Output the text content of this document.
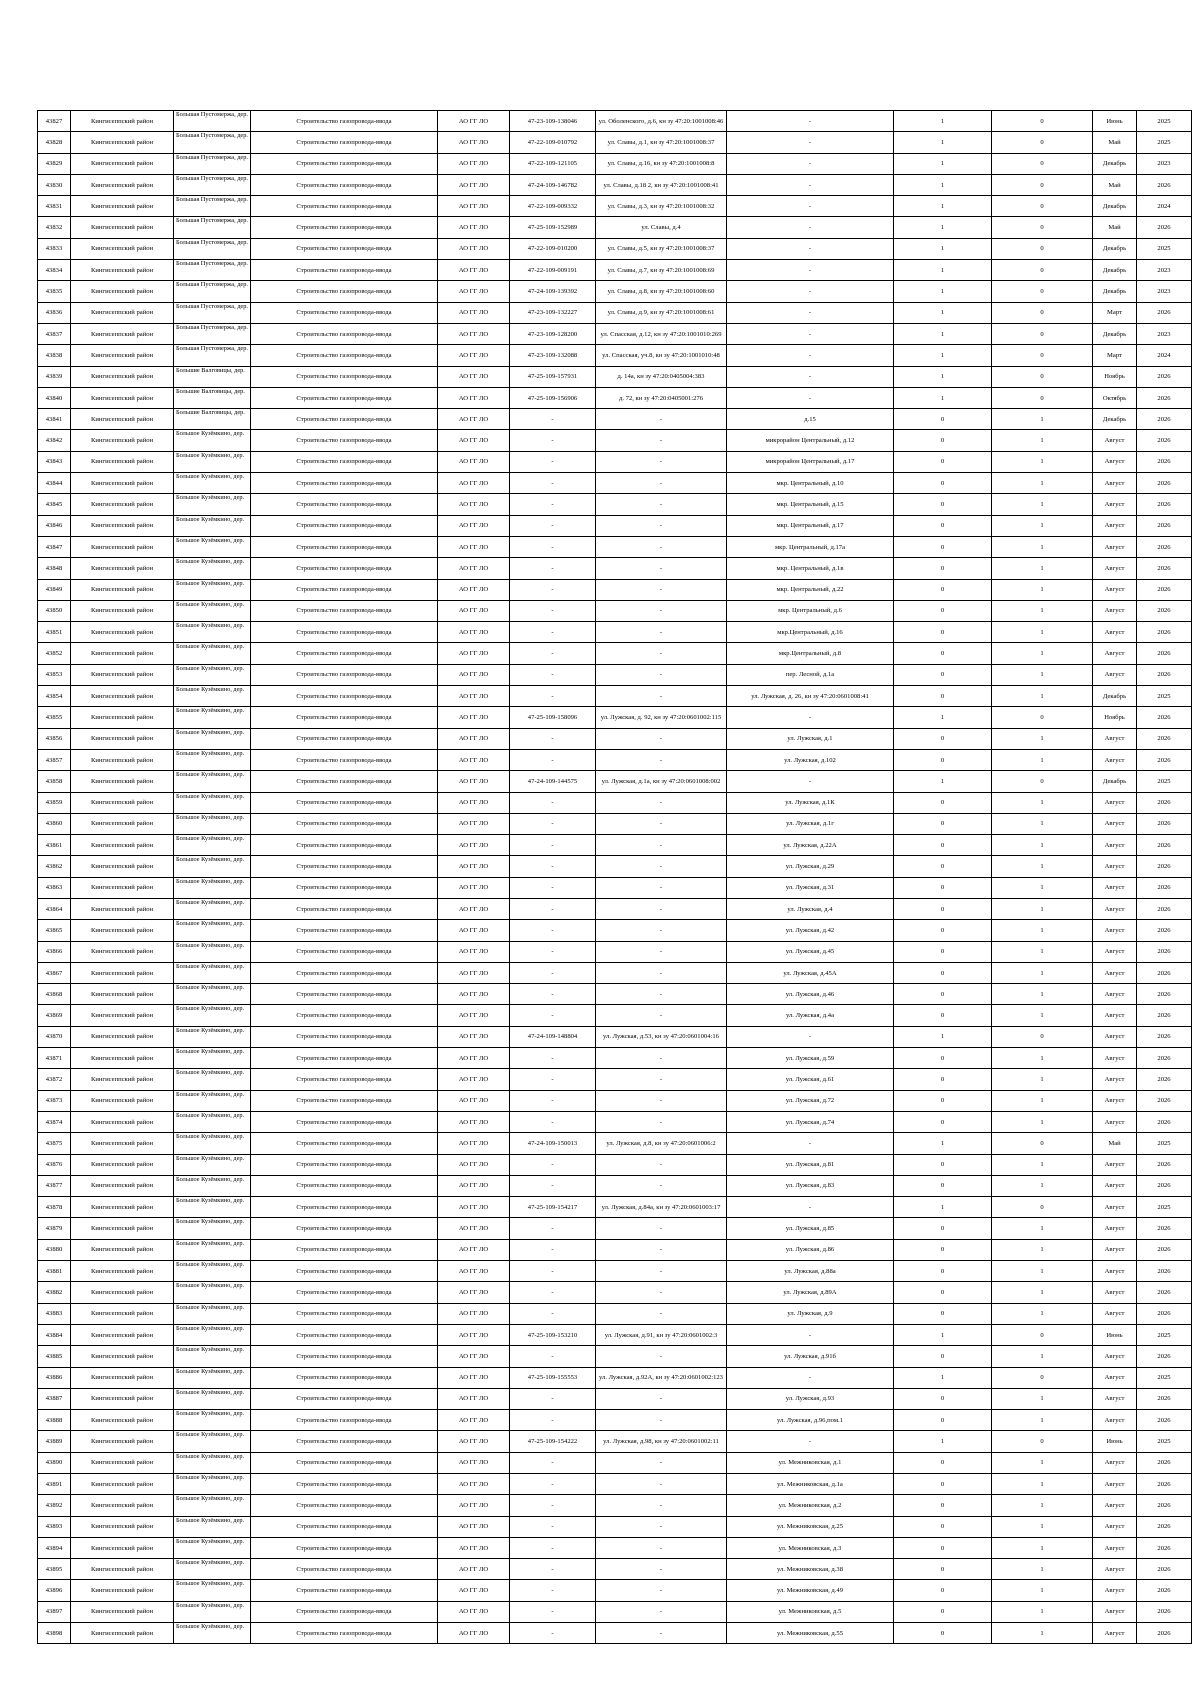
43827	Кингисеппский район	Большая Пустомержа, дер.	Строительство газопровода-ввода	АО ГГ ЛО	47-23-109-138046	ул. Оболенского, д.6, кн зу 47:20:1001008:46	-	1	0	Июнь	2025
43828	Кингисеппский район	Большая Пустомержа, дер.	Строительство газопровода-ввода	АО ГГ ЛО	47-22-109-010792	ул. Славы, д.1, кн зу 47:20:1001008:37	-	1	0	Май	2025
43829	Кингисеппский район	Большая Пустомержа, дер.	Строительство газопровода-ввода	АО ГГ ЛО	47-22-109-121105	ул. Славы, д.16, кн зу 47:20:1001008:8	-	1	0	Декабрь	2023
43830	Кингисеппский район	Большая Пустомержа, дер.	Строительство газопровода-ввода	АО ГГ ЛО	47-24-109-146782	ул. Славы, д.18 2, кн зу 47:20:1001008:41	-	1	0	Май	2026
43831	Кингисеппский район	Большая Пустомержа, дер.	Строительство газопровода-ввода	АО ГГ ЛО	47-22-109-009332	ул. Славы, д.3, кн зу 47:20:1001008:32	-	1	0	Декабрь	2024
43832	Кингисеппский район	Большая Пустомержа, дер.	Строительство газопровода-ввода	АО ГГ ЛО	47-25-109-152989	ул. Славы, д.4	-	1	0	Май	2026
43833	Кингисеппский район	Большая Пустомержа, дер.	Строительство газопровода-ввода	АО ГГ ЛО	47-22-109-010200	ул. Славы, д.5, кн зу 47:20:1001008:37	-	1	0	Декабрь	2025
43834	Кингисеппский район	Большая Пустомержа, дер.	Строительство газопровода-ввода	АО ГГ ЛО	47-22-109-009191	ул. Славы, д.7, кн зу 47:20:1001008:69	-	1	0	Декабрь	2023
43835	Кингисеппский район	Большая Пустомержа, дер.	Строительство газопровода-ввода	АО ГГ ЛО	47-24-109-139392	ул. Славы, д.8, кн зу 47:20:1001008:60	-	1	0	Декабрь	2023
43836	Кингисеппский район	Большая Пустомержа, дер.	Строительство газопровода-ввода	АО ГГ ЛО	47-23-109-132227	ул. Славы, д.9, кн зу 47:20:1001008:61	-	1	0	Март	2026
43837	Кингисеппский район	Большая Пустомержа, дер.	Строительство газопровода-ввода	АО ГГ ЛО	47-23-109-128200	ул. Спасская, д.12, кн зу 47:20:1001010:269	-	1	0	Декабрь	2023
43838	Кингисеппский район	Большая Пустомержа, дер.	Строительство газопровода-ввода	АО ГГ ЛО	47-23-109-132088	ул. Спасская, уч.8, кн зу 47:20:1001010:48	-	1	0	Март	2024
43839	Кингисеппский район	Большие Валговицы, дер.	Строительство газопровода-ввода	АО ГГ ЛО	47-25-109-157931	д. 14а, кн зу 47:20:0405004:383	-	1	0	Ноябрь	2026
43840	Кингисеппский район	Большие Валговицы, дер.	Строительство газопровода-ввода	АО ГГ ЛО	47-25-109-156906	д. 72, кн зу 47:20:0405001:276	-	1	0	Октябрь	2026
43841	Кингисеппский район	Большие Валговицы, дер.	Строительство газопровода-ввода	АО ГГ ЛО	-	-	д.15	0	1	Декабрь	2026
43842	Кингисеппский район	Большое Кузёмкино, дер.	Строительство газопровода-ввода	АО ГГ ЛО	-	-	микрорайон Центральный, д.12	0	1	Август	2026
43843	Кингисеппский район	Большое Кузёмкино, дер.	Строительство газопровода-ввода	АО ГГ ЛО	-	-	микрорайон Центральный, д.17	0	1	Август	2026
43844	Кингисеппский район	Большое Кузёмкино, дер.	Строительство газопровода-ввода	АО ГГ ЛО	-	-	мкр. Центральный, д.10	0	1	Август	2026
43845	Кингисеппский район	Большое Кузёмкино, дер.	Строительство газопровода-ввода	АО ГГ ЛО	-	-	мкр. Центральный, д.15	0	1	Август	2026
43846	Кингисеппский район	Большое Кузёмкино, дер.	Строительство газопровода-ввода	АО ГГ ЛО	-	-	мкр. Центральный, д.17	0	1	Август	2026
43847	Кингисеппский район	Большое Кузёмкино, дер.	Строительство газопровода-ввода	АО ГГ ЛО	-	-	мкр. Центральный, д.17а	0	1	Август	2026
43848	Кингисеппский район	Большое Кузёмкино, дер.	Строительство газопровода-ввода	АО ГГ ЛО	-	-	мкр. Центральный, д.1в	0	1	Август	2026
43849	Кингисеппский район	Большое Кузёмкино, дер.	Строительство газопровода-ввода	АО ГГ ЛО	-	-	мкр. Центральный, д.22	0	1	Август	2026
43850	Кингисеппский район	Большое Кузёмкино, дер.	Строительство газопровода-ввода	АО ГГ ЛО	-	-	мкр. Центральный, д.6	0	1	Август	2026
43851	Кингисеппский район	Большое Кузёмкино, дер.	Строительство газопровода-ввода	АО ГГ ЛО	-	-	мкр.Центральный, д.16	0	1	Август	2026
43852	Кингисеппский район	Большое Кузёмкино, дер.	Строительство газопровода-ввода	АО ГГ ЛО	-	-	мкр.Центральный, д.8	0	1	Август	2026
43853	Кингисеппский район	Большое Кузёмкино, дер.	Строительство газопровода-ввода	АО ГГ ЛО	-	-	пер. Лесной, д.1а	0	1	Август	2026
43854	Кингисеппский район	Большое Кузёмкино, дер.	Строительство газопровода-ввода	АО ГГ ЛО	-	-	ул. Лужская, д. 26, кн зу 47:20:0601008:41	0	1	Декабрь	2025
43855	Кингисеппский район	Большое Кузёмкино, дер.	Строительство газопровода-ввода	АО ГГ ЛО	47-25-109-158096	ул. Лужская, д. 92, кн зу 47:20:0601002:115	-	1	0	Ноябрь	2026
43856	Кингисеппский район	Большое Кузёмкино, дер.	Строительство газопровода-ввода	АО ГГ ЛО	-	-	ул. Лужская, д.1	0	1	Август	2026
43857	Кингисеппский район	Большое Кузёмкино, дер.	Строительство газопровода-ввода	АО ГГ ЛО	-	-	ул. Лужская, д.102	0	1	Август	2026
43858	Кингисеппский район	Большое Кузёмкино, дер.	Строительство газопровода-ввода	АО ГГ ЛО	47-24-109-144575	ул. Лужская, д.1а, кн зу 47:20:0601008:002	-	1	0	Декабрь	2025
43859	Кингисеппский район	Большое Кузёмкино, дер.	Строительство газопровода-ввода	АО ГГ ЛО	-	-	ул. Лужская, д.1К	0	1	Август	2026
43860	Кингисеппский район	Большое Кузёмкино, дер.	Строительство газопровода-ввода	АО ГГ ЛО	-	-	ул. Лужская, д.1г	0	1	Август	2026
43861	Кингисеппский район	Большое Кузёмкино, дер.	Строительство газопровода-ввода	АО ГГ ЛО	-	-	ул. Лужская, д.22А	0	1	Август	2026
43862	Кингисеппский район	Большое Кузёмкино, дер.	Строительство газопровода-ввода	АО ГГ ЛО	-	-	ул. Лужская, д.29	0	1	Август	2026
43863	Кингисеппский район	Большое Кузёмкино, дер.	Строительство газопровода-ввода	АО ГГ ЛО	-	-	ул. Лужская, д.31	0	1	Август	2026
43864	Кингисеппский район	Большое Кузёмкино, дер.	Строительство газопровода-ввода	АО ГГ ЛО	-	-	ул. Лужская, д.4	0	1	Август	2026
43865	Кингисеппский район	Большое Кузёмкино, дер.	Строительство газопровода-ввода	АО ГГ ЛО	-	-	ул. Лужская, д.42	0	1	Август	2026
43866	Кингисеппский район	Большое Кузёмкино, дер.	Строительство газопровода-ввода	АО ГГ ЛО	-	-	ул. Лужская, д.45	0	1	Август	2026
43867	Кингисеппский район	Большое Кузёмкино, дер.	Строительство газопровода-ввода	АО ГГ ЛО	-	-	ул. Лужская, д.45А	0	1	Август	2026
43868	Кингисеппский район	Большое Кузёмкино, дер.	Строительство газопровода-ввода	АО ГГ ЛО	-	-	ул. Лужская, д.46	0	1	Август	2026
43869	Кингисеппский район	Большое Кузёмкино, дер.	Строительство газопровода-ввода	АО ГГ ЛО	-	-	ул. Лужская, д.4а	0	1	Август	2026
43870	Кингисеппский район	Большое Кузёмкино, дер.	Строительство газопровода-ввода	АО ГГ ЛО	47-24-109-148804	ул. Лужская, д.53, кн зу 47:20:0601004:16	-	1	0	Август	2026
43871	Кингисеппский район	Большое Кузёмкино, дер.	Строительство газопровода-ввода	АО ГГ ЛО	-	-	ул. Лужская, д.59	0	1	Август	2026
43872	Кингисеппский район	Большое Кузёмкино, дер.	Строительство газопровода-ввода	АО ГГ ЛО	-	-	ул. Лужская, д.61	0	1	Август	2026
43873	Кингисеппский район	Большое Кузёмкино, дер.	Строительство газопровода-ввода	АО ГГ ЛО	-	-	ул. Лужская, д.72	0	1	Август	2026
43874	Кингисеппский район	Большое Кузёмкино, дер.	Строительство газопровода-ввода	АО ГГ ЛО	-	-	ул. Лужская, д.74	0	1	Август	2026
43875	Кингисеппский район	Большое Кузёмкино, дер.	Строительство газопровода-ввода	АО ГГ ЛО	47-24-109-150013	ул. Лужская, д.8, кн зу 47:20:0601006:2	-	1	0	Май	2025
43876	Кингисеппский район	Большое Кузёмкино, дер.	Строительство газопровода-ввода	АО ГГ ЛО	-	-	ул. Лужская, д.81	0	1	Август	2026
43877	Кингисеппский район	Большое Кузёмкино, дер.	Строительство газопровода-ввода	АО ГГ ЛО	-	-	ул. Лужская, д.83	0	1	Август	2026
43878	Кингисеппский район	Большое Кузёмкино, дер.	Строительство газопровода-ввода	АО ГГ ЛО	47-25-109-154217	ул. Лужская, д.84а, кн зу 47:20:0601003:17	-	1	0	Август	2025
43879	Кингисеппский район	Большое Кузёмкино, дер.	Строительство газопровода-ввода	АО ГГ ЛО	-	-	ул. Лужская, д.85	0	1	Август	2026
43880	Кингисеппский район	Большое Кузёмкино, дер.	Строительство газопровода-ввода	АО ГГ ЛО	-	-	ул. Лужская, д.86	0	1	Август	2026
43881	Кингисеппский район	Большое Кузёмкино, дер.	Строительство газопровода-ввода	АО ГГ ЛО	-	-	ул. Лужская, д.88а	0	1	Август	2026
43882	Кингисеппский район	Большое Кузёмкино, дер.	Строительство газопровода-ввода	АО ГГ ЛО	-	-	ул. Лужская, д.89А	0	1	Август	2026
43883	Кингисеппский район	Большое Кузёмкино, дер.	Строительство газопровода-ввода	АО ГГ ЛО	-	-	ул. Лужская, д.9	0	1	Август	2026
43884	Кингисеппский район	Большое Кузёмкино, дер.	Строительство газопровода-ввода	АО ГГ ЛО	47-25-109-153210	ул. Лужская, д.91, кн зу 47:20:0601002:3	-	1	0	Июнь	2025
43885	Кингисеппский район	Большое Кузёмкино, дер.	Строительство газопровода-ввода	АО ГГ ЛО	-	-	ул. Лужская, д.91б	0	1	Август	2026
43886	Кингисеппский район	Большое Кузёмкино, дер.	Строительство газопровода-ввода	АО ГГ ЛО	47-25-109-155553	ул. Лужская, д.92А, кн зу 47:20:0601002:123	-	1	0	Август	2025
43887	Кингисеппский район	Большое Кузёмкино, дер.	Строительство газопровода-ввода	АО ГГ ЛО	-	-	ул. Лужская, д.93	0	1	Август	2026
43888	Кингисеппский район	Большое Кузёмкино, дер.	Строительство газопровода-ввода	АО ГГ ЛО	-	-	ул. Лужская, д.96,пом.1	0	1	Август	2026
43889	Кингисеппский район	Большое Кузёмкино, дер.	Строительство газопровода-ввода	АО ГГ ЛО	47-25-109-154222	ул. Лужская, д.98, кн зу 47:20:0601002:11	-	1	0	Июнь	2025
43890	Кингисеппский район	Большое Кузёмкино, дер.	Строительство газопровода-ввода	АО ГГ ЛО	-	-	ул. Межниковская, д.1	0	1	Август	2026
43891	Кингисеппский район	Большое Кузёмкино, дер.	Строительство газопровода-ввода	АО ГГ ЛО	-	-	ул. Межниковская, д.1а	0	1	Август	2026
43892	Кингисеппский район	Большое Кузёмкино, дер.	Строительство газопровода-ввода	АО ГГ ЛО	-	-	ул. Межниковская, д.2	0	1	Август	2026
43893	Кингисеппский район	Большое Кузёмкино, дер.	Строительство газопровода-ввода	АО ГГ ЛО	-	-	ул. Межниковская, д.25	0	1	Август	2026
43894	Кингисеппский район	Большое Кузёмкино, дер.	Строительство газопровода-ввода	АО ГГ ЛО	-	-	ул. Межниковская, д.3	0	1	Август	2026
43895	Кингисеппский район	Большое Кузёмкино, дер.	Строительство газопровода-ввода	АО ГГ ЛО	-	-	ул. Межниковская, д.38	0	1	Август	2026
43896	Кингисеппский район	Большое Кузёмкино, дер.	Строительство газопровода-ввода	АО ГГ ЛО	-	-	ул. Межниковская, д.49	0	1	Август	2026
43897	Кингисеппский район	Большое Кузёмкино, дер.	Строительство газопровода-ввода	АО ГГ ЛО	-	-	ул. Межниковская, д.5	0	1	Август	2026
43898	Кингисеппский район	Большое Кузёмкино, дер.	Строительство газопровода-ввода	АО ГГ ЛО	-	-	ул. Межниковская, д.55	0	1	Август	2026
